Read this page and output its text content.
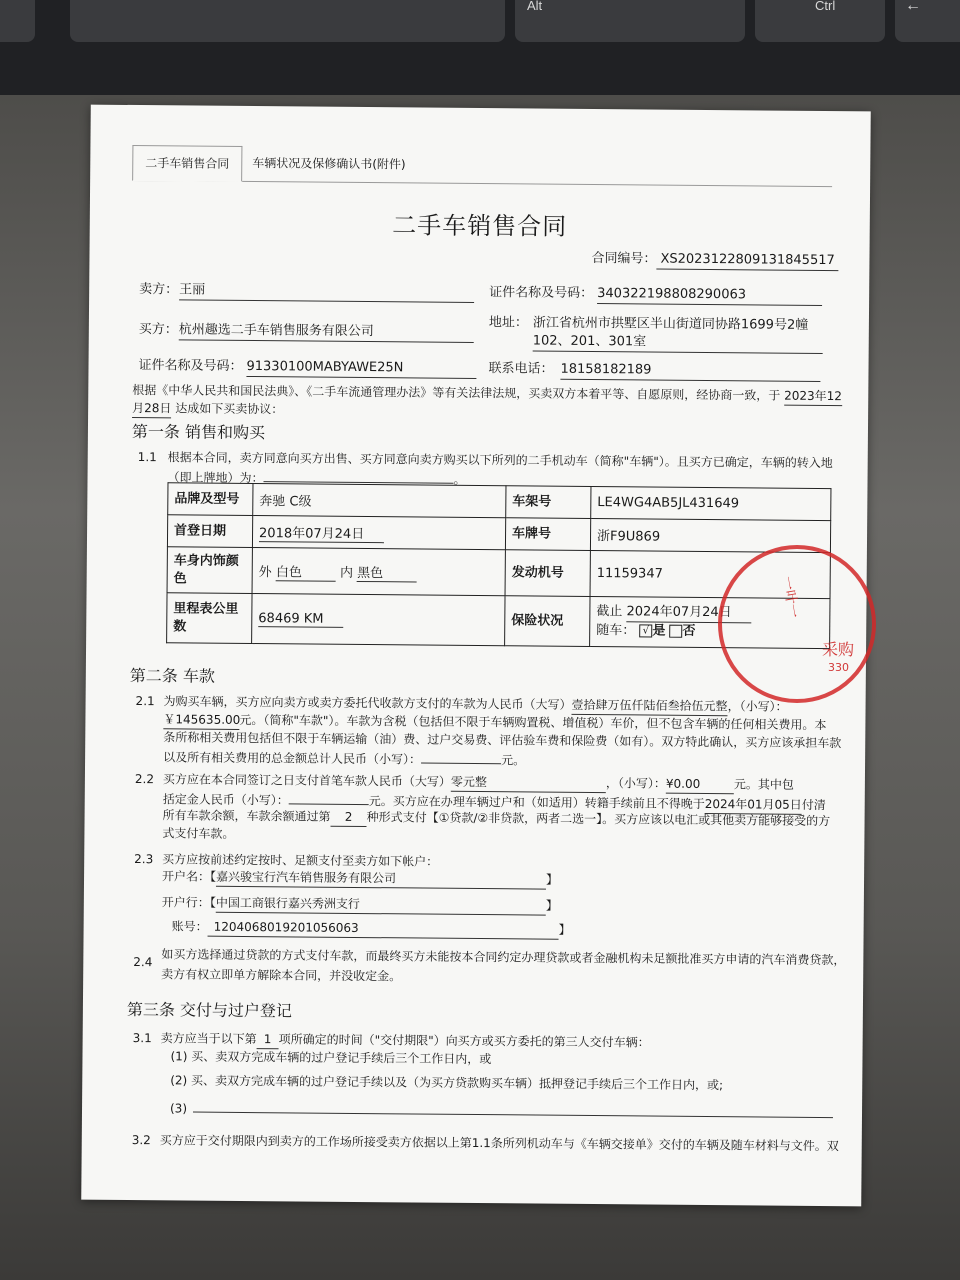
Alt	Ctrl	←
二手车销售合同	车辆状况及保修确认书(附件)
二手车销售合同
合同编号： XS2023122809131845517
卖方： 王丽	证件名称及号码： 340322198808290063
买方： 杭州趣选二手车销售服务有限公司	地址： 浙江省杭州市拱墅区半山街道同协路1699号2幢
102、201、301室
证件名称及号码： 91330100MABYAWE25N	联系电话： 18158182189
根据《中华人民共和国民法典》、《二手车流通管理办法》等有关法律法规，买卖双方本着平等、自愿原则，经协商一致，于 2023年12
月28日 达成如下买卖协议：
第一条 销售和购买
1.1 根据本合同，卖方同意向买方出售、买方同意向卖方购买以下所列的二手机动车（简称"车辆"）。且买方已确定，车辆的转入地
（即上牌地）为：	。
品牌及型号	奔驰 C级	车架号	LE4WG4AB5JL431649
首登日期	2018年07月24日	车牌号	浙F9U869
车身内饰颜色	外 白色 内 黑色	发动机号	11159347
里程表公里数	68469 KM	保险状况	截止 2024年07月24日
随车： √ 是 否
第二条 车款
2.1 为购买车辆，买方应向卖方或卖方委托代收款方支付的车款为人民币（大写）壹拾肆万伍仟陆佰叁拾伍元整，（小写）：
￥145635.00元。（简称"车款"）。车款为含税（包括但不限于车辆购置税、增值税）车价，但不包含车辆的任何相关费用。本
条所称相关费用包括但不限于车辆运输（油）费、过户交易费、评估验车费和保险费（如有）。双方特此确认，买方应该承担车款
以及所有相关费用的总金额总计人民币（小写）：	元。
2.2 买方应在本合同签订之日支付首笔车款人民币（大写）零元整	，（小写）：¥0.00	元。其中包
括定金人民币（小写）：	元。买方应在办理车辆过户和（如适用）转籍手续前且不得晚于2024年01月05日付清
所有车款余额，车款余额通过第 2 种形式支付【①贷款/②非贷款，两者二选一】。买方应该以电汇或其他卖方能够接受的方
式支付车款。
2.3 买方应按前述约定按时、足额支付至卖方如下帐户：
开户名：【嘉兴骏宝行汽车销售服务有限公司	】
开户行：【中国工商银行嘉兴秀洲支行	】
账号： 1204068019201056063	】
2.4 如买方选择通过贷款的方式支付车款，而最终买方未能按本合同约定办理贷款或者金融机构未足额批准买方申请的汽车消费贷款，
卖方有权立即单方解除本合同，并没收定金。
第三条 交付与过户登记
3.1 卖方应当于以下第 1 项所确定的时间（"交付期限"）向买方或买方委托的第三人交付车辆：
(1) 买、卖双方完成车辆的过户登记手续后三个工作日内，或
(2) 买、卖双方完成车辆的过户登记手续以及（为买方贷款购买车辆）抵押登记手续后三个工作日内，或;
(3)
3.2 买方应于交付期限内到卖方的工作场所接受卖方依据以上第1.1条所列机动车与《车辆交接单》交付的车辆及随车材料与文件。双
一叶一
采购
330
